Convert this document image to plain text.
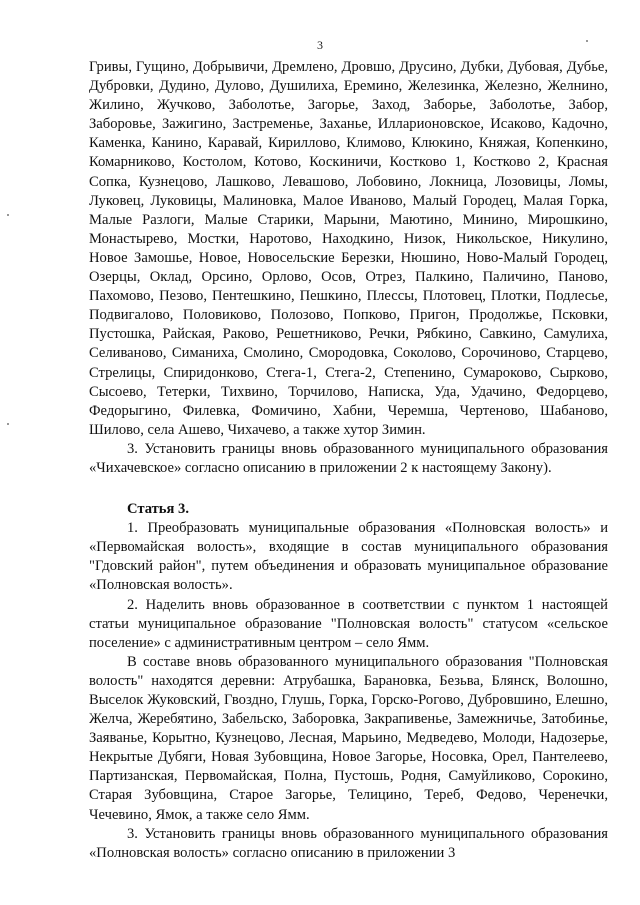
3

Гривы, Гущино, Добрывичи, Дремлено, Дровшо, Друсино, Дубки, Дубовая, Дубье, Дубровки, Дудино, Дулово, Душилиха, Еремино, Железинка, Железно, Желнино, Жилино, Жучково, Заболотье, Загорье, Заход, Заборье, Заболотье, Забор, Заборовье, Зажигино, Застременье, Заханье, Илларионовское, Исаково, Кадочно, Каменка, Канино, Каравай, Кириллово, Климово, Клюкино, Княжая, Копенкино, Комарниково, Костолом, Котово, Коскиничи, Костково 1, Костково 2, Красная Сопка, Кузнецово, Лашково, Левашово, Лобовино, Локница, Лозовицы, Ломы, Луковец, Луковицы, Малиновка, Малое Иваново, Малый Городец, Малая Горка, Малые Разлоги, Малые Старики, Марыни, Маютино, Минино, Мирошкино, Монастырево, Мостки, Наротово, Находкино, Низок, Никольское, Никулино, Новое Замошье, Новое, Новосельские Березки, Нюшино, Ново-Малый Городец, Озерцы, Оклад, Орсино, Орлово, Осов, Отрез, Палкино, Паличино, Паново, Пахомово, Пезово, Пентешкино, Пешкино, Плессы, Плотовец, Плотки, Подлесье, Подвигалово, Половиково, Полозово, Попково, Пригон, Продолжье, Псковки, Пустошка, Райская, Раково, Решетниково, Речки, Рябкино, Савкино, Самулиха, Селиваново, Симаниха, Смолино, Смородовка, Соколово, Сорочиново, Старцево, Стрелицы, Спиридонково, Стега-1, Стега-2, Степенино, Сумароково, Сырково, Сысоево, Тетерки, Тихвино, Торчилово, Написка, Уда, Удачино, Федорцево, Федорыгино, Филевка, Фомичино, Хабни, Черемша, Чертеново, Шабаново, Шилово, села Ашево, Чихачево, а также хутор Зимин.

3. Установить границы вновь образованного муниципального образования «Чихачевское» согласно описанию в приложении 2 к настоящему Закону).

Статья 3.

1. Преобразовать муниципальные образования «Полновская волость» и «Первомайская волость», входящие в состав муниципального образования "Гдовский район", путем объединения и образовать муниципальное образование «Полновская волость».

2. Наделить вновь образованное в соответствии с пунктом 1 настоящей статьи муниципальное образование "Полновская волость" статусом «сельское поселение» с административным центром – село Ямм.

В составе вновь образованного муниципального образования "Полновская волость" находятся деревни: Атрубашка, Барановка, Безьва, Блянск, Волошно, Выселок Жуковский, Гвоздно, Глушь, Горка, Горско-Рогово, Дубровшино, Елешно, Желча, Жеребятино, Забельско, Заборовка, Закрапивенье, Замежничье, Затобинье, Заяванье, Корытно, Кузнецово, Лесная, Марьино, Медведево, Молоди, Надозерье, Некрытые Дубяги, Новая Зубовщина, Новое Загорье, Носовка, Орел, Пантелеево, Партизанская, Первомайская, Полна, Пустошь, Родня, Самуйликово, Сорокино, Старая Зубовщина, Старое Загорье, Телицино, Тереб, Федово, Черенечки, Чечевино, Ямок, а также село Ямм.

3. Установить границы вновь образованного муниципального образования «Полновская волость» согласно описанию в приложении 3
